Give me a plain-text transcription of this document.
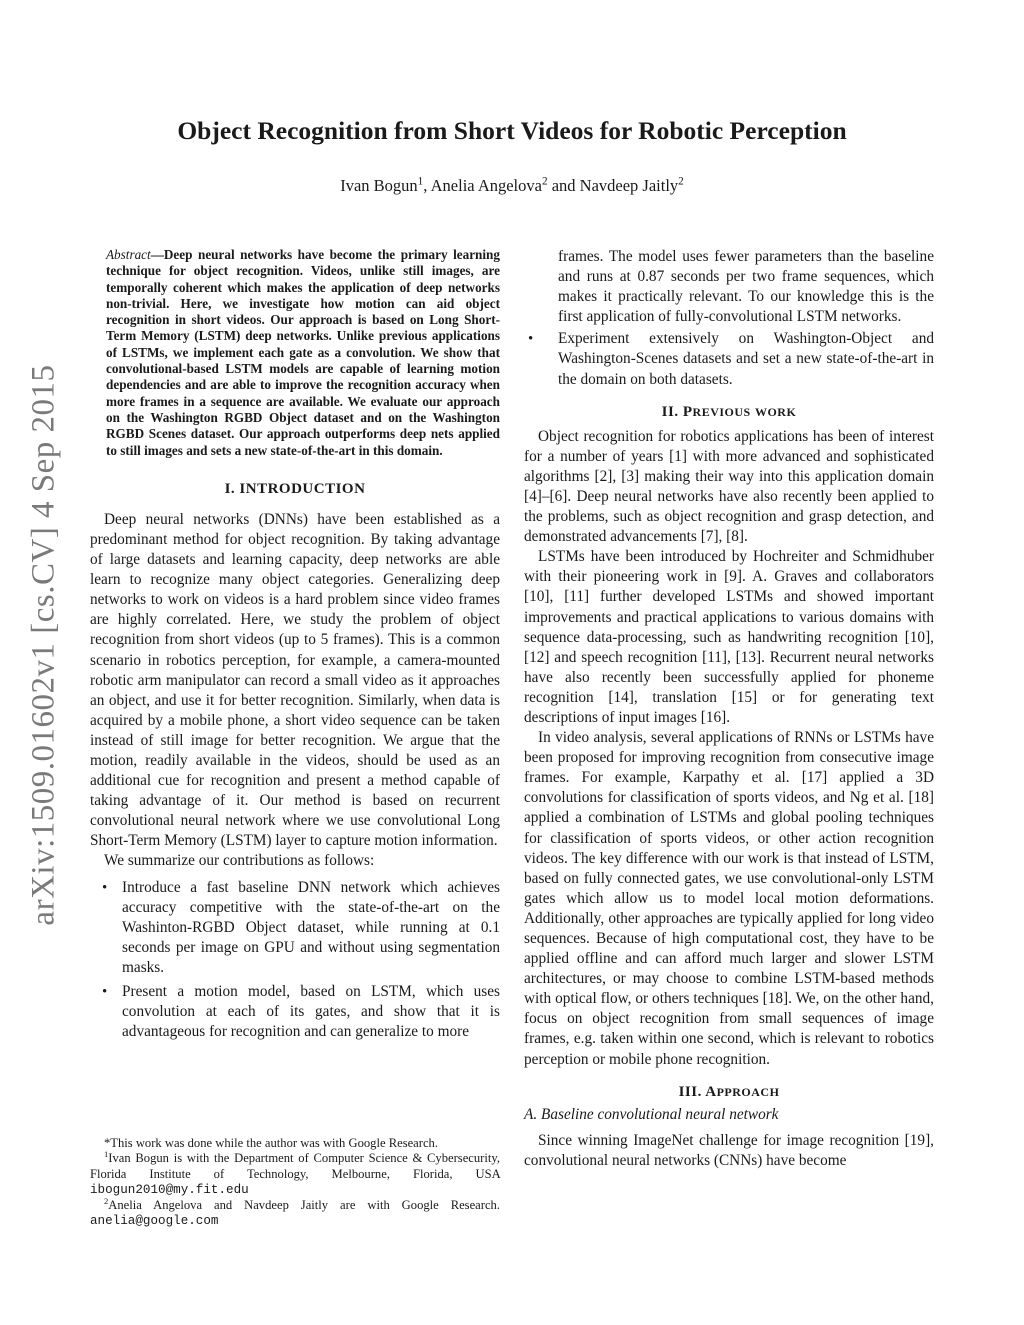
arXiv:1509.01602v1 [cs.CV] 4 Sep 2015
Object Recognition from Short Videos for Robotic Perception
Ivan Bogun$^1$, Anelia Angelova$^2$ and Navdeep Jaitly$^2$

Abstract—Deep neural networks have become the primary learning technique for object recognition. Videos, unlike still images, are temporally coherent which makes the application of deep networks non-trivial. Here, we investigate how motion can aid object recognition in short videos. Our approach is based on Long Short-Term Memory (LSTM) deep networks. Unlike previous applications of LSTMs, we implement each gate as a convolution. We show that convolutional-based LSTM models are capable of learning motion dependencies and are able to improve the recognition accuracy when more frames in a sequence are available. We evaluate our approach on the Washington RGBD Object dataset and on the Washington RGBD Scenes dataset. Our approach outperforms deep nets applied to still images and sets a new state-of-the-art in this domain.

I. INTRODUCTION

Deep neural networks (DNNs) have been established as a predominant method for object recognition. By taking advantage of large datasets and learning capacity, deep networks are able learn to recognize many object categories. Generalizing deep networks to work on videos is a hard problem since video frames are highly correlated. Here, we study the problem of object recognition from short videos (up to 5 frames). This is a common scenario in robotics perception, for example, a camera-mounted robotic arm manipulator can record a small video as it approaches an object, and use it for better recognition. Similarly, when data is acquired by a mobile phone, a short video sequence can be taken instead of still image for better recognition. We argue that the motion, readily available in the videos, should be used as an additional cue for recognition and present a method capable of taking advantage of it. Our method is based on recurrent convolutional neural network where we use convolutional Long Short-Term Memory (LSTM) layer to capture motion information.

We summarize our contributions as follows:

• Introduce a fast baseline DNN network which achieves accuracy competitive with the state-of-the-art on the Washinton-RGBD Object dataset, while running at 0.1 seconds per image on GPU and without using segmentation masks.
• Present a motion model, based on LSTM, which uses convolution at each of its gates, and show that it is advantageous for recognition and can generalize to more

*This work was done while the author was with Google Research.

$^1$Ivan Bogun is with the Department of Computer Science & Cybersecurity, Florida Institute of Technology, Melbourne, Florida, USA ibogun2010@my.fit.edu

$^2$Anelia Angelova and Navdeep Jaitly are with Google Research. anelia@google.com

frames. The model uses fewer parameters than the baseline and runs at 0.87 seconds per two frame sequences, which makes it practically relevant. To our knowledge this is the first application of fully-convolutional LSTM networks.
• Experiment extensively on Washington-Object and Washington-Scenes datasets and set a new state-of-the-art in the domain on both datasets.
II. PREVIOUS WORK

Object recognition for robotics applications has been of interest for a number of years [1] with more advanced and sophisticated algorithms [2], [3] making their way into this application domain [4]–[6]. Deep neural networks have also recently been applied to the problems, such as object recognition and grasp detection, and demonstrated advancements [7], [8].

LSTMs have been introduced by Hochreiter and Schmidhuber with their pioneering work in [9]. A. Graves and collaborators [10], [11] further developed LSTMs and showed important improvements and practical applications to various domains with sequence data-processing, such as handwriting recognition [10], [12] and speech recognition [11], [13]. Recurrent neural networks have also recently been successfully applied for phoneme recognition [14], translation [15] or for generating text descriptions of input images [16].

In video analysis, several applications of RNNs or LSTMs have been proposed for improving recognition from consecutive image frames. For example, Karpathy et al. [17] applied a 3D convolutions for classification of sports videos, and Ng et al. [18] applied a combination of LSTMs and global pooling techniques for classification of sports videos, or other action recognition videos. The key difference with our work is that instead of LSTM, based on fully connected gates, we use convolutional-only LSTM gates which allow us to model local motion deformations. Additionally, other approaches are typically applied for long video sequences. Because of high computational cost, they have to be applied offline and can afford much larger and slower LSTM architectures, or may choose to combine LSTM-based methods with optical flow, or others techniques [18]. We, on the other hand, focus on object recognition from small sequences of image frames, e.g. taken within one second, which is relevant to robotics perception or mobile phone recognition.

III. APPROACH

A. Baseline convolutional neural network

Since winning ImageNet challenge for image recognition [19], convolutional neural networks (CNNs) have become
